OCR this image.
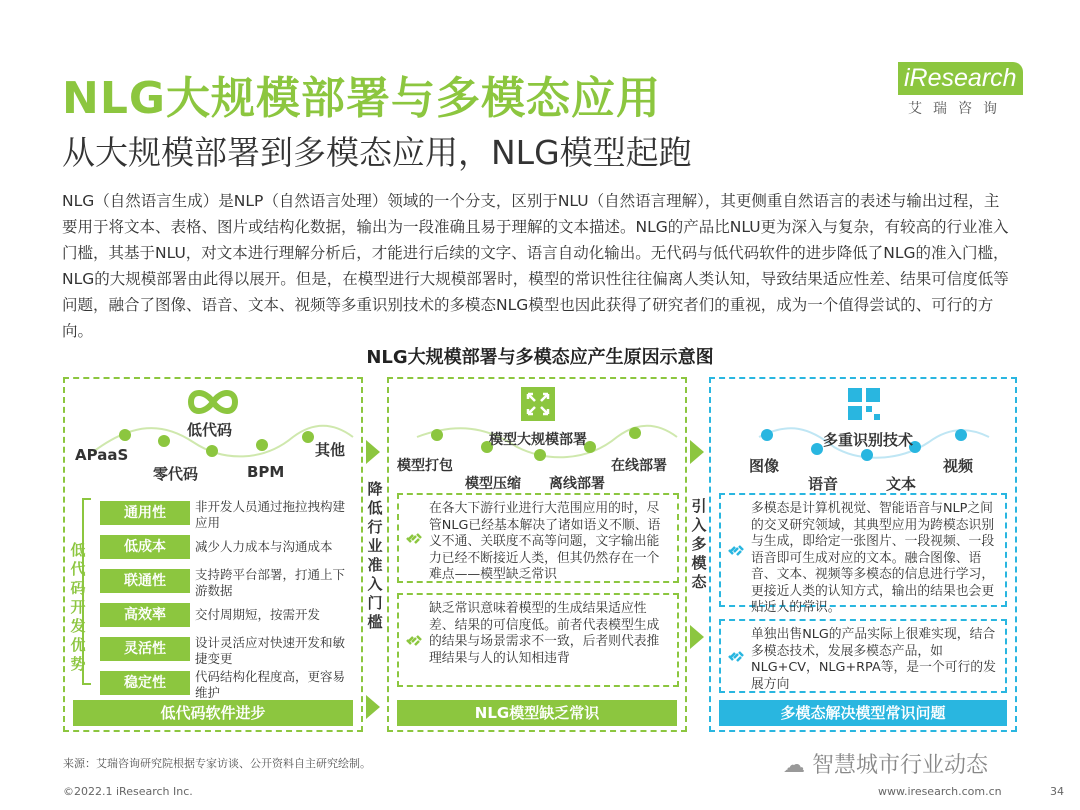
NLG大规模部署与多模态应用
从大规模部署到多模态应用，NLG模型起跑
iResearch
艾瑞咨询
NLG（自然语言生成）是NLP（自然语言处理）领域的一个分支，区别于NLU（自然语言理解），其更侧重自然语言的表述与输出过程，主要用于将文本、表格、图片或结构化数据，输出为一段准确且易于理解的文本描述。NLG的产品比NLU更为深入与复杂，有较高的行业准入门槛，其基于NLU，对文本进行理解分析后，才能进行后续的文字、语言自动化输出。无代码与低代码软件的进步降低了NLG的准入门槛，NLG的大规模部署由此得以展开。但是，在模型进行大规模部署时，模型的常识性往往偏离人类认知，导致结果适应性差、结果可信度低等问题，融合了图像、语音、文本、视频等多重识别技术的多模态NLG模型也因此获得了研究者们的重视，成为一个值得尝试的、可行的方向。
NLG大规模部署与多模态应产生原因示意图
APaaS
零代码
低代码
BPM
其他
低代码开发优势
通用性	非开发人员通过拖拉拽构建应用
低成本	减少人力成本与沟通成本
联通性	支持跨平台部署，打通上下游数据
高效率	交付周期短，按需开发
灵活性	设计灵活应对快速开发和敏捷变更
稳定性	代码结构化程度高，更容易维护
低代码软件进步
降低行业准入门槛
模型打包
模型压缩
模型大规模部署
离线部署
在线部署
在各大下游行业进行大范围应用的时，尽管NLG已经基本解决了诸如语义不顺、语义不通、关联度不高等问题，文字输出能力已经不断接近人类，但其仍然存在一个难点——模型缺乏常识
缺乏常识意味着模型的生成结果适应性差、结果的可信度低。前者代表模型生成的结果与场景需求不一致，后者则代表推理结果与人的认知相违背
NLG模型缺乏常识
引入多模态
图像
语音
多重识别技术
文本
视频
多模态是计算机视觉、智能语音与NLP之间的交叉研究领域，其典型应用为跨模态识别与生成，即给定一张图片、一段视频、一段语音即可生成对应的文本。融合图像、语音、文本、视频等多模态的信息进行学习，更接近人类的认知方式，输出的结果也会更贴近人的常识。
单独出售NLG的产品实际上很难实现，结合多模态技术，发展多模态产品，如NLG+CV，NLG+RPA等，是一个可行的发展方向
多模态解决模型常识问题
来源：艾瑞咨询研究院根据专家访谈、公开资料自主研究绘制。	☁ 智慧城市行业动态
©2022.1 iResearch Inc.	www.iresearch.com.cn	34
